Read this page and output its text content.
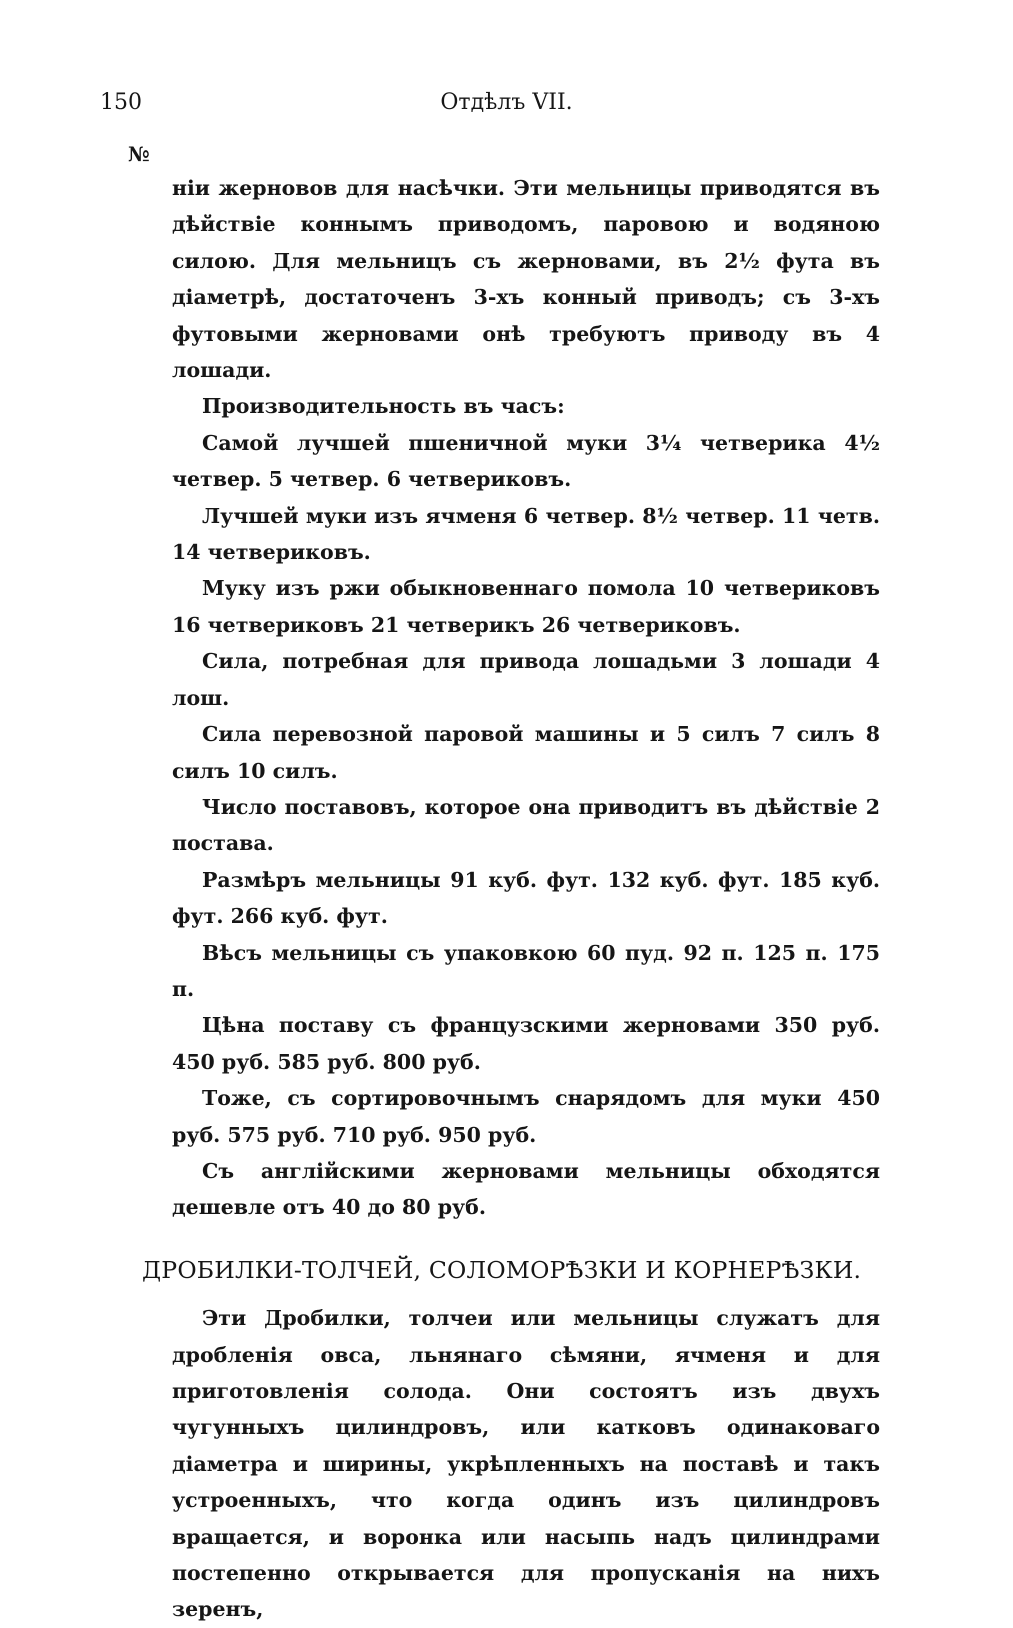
150	Отдѣлъ VII.
№

ніи жерновов для насѣчки. Эти мельницы приводятся въ дѣйствіе коннымъ приводомъ, паровою и водяною силою. Для мельницъ съ жерновами, въ 2½ фута въ діаметрѣ, достаточенъ 3-хъ конный приводъ; съ 3-хъ футовыми жерновами онѣ требуютъ приводу въ 4 лошади.

Производительность въ часъ:

Самой лучшей пшеничной муки 3¼ четверика 4½ четвер. 5 четвер. 6 четвериковъ.

Лучшей муки изъ ячменя 6 четвер. 8½ четвер. 11 четв. 14 четвериковъ.

Муку изъ ржи обыкновеннаго помола 10 четвериковъ 16 четвериковъ 21 четверикъ 26 четвериковъ.

Сила, потребная для привода лошадьми 3 лошади 4 лош.

Сила перевозной паровой машины и 5 силъ 7 силъ 8 силъ 10 силъ.

Число поставовъ, которое она приводитъ въ дѣйствіе 2 постава.

Размѣръ мельницы 91 куб. фут. 132 куб. фут. 185 куб. фут. 266 куб. фут.

Вѣсъ мельницы съ упаковкою 60 пуд. 92 п. 125 п. 175 п.

Цѣна поставу съ французскими жерновами 350 руб. 450 руб. 585 руб. 800 руб.

Тоже, съ сортировочнымъ снарядомъ для муки 450 руб. 575 руб. 710 руб. 950 руб.

Съ англійскими жерновами мельницы обходятся дешевле отъ 40 до 80 руб.

ДРОБИЛКИ-ТОЛЧЕЙ, СОЛОМОРѢЗКИ И КОРНЕРѢЗКИ.

Эти Дробилки, толчеи или мельницы служатъ для дробленія овса, льнянаго сѣмяни, ячменя и для приготовленія солода. Они состоятъ изъ двухъ чугунныхъ цилиндровъ, или катковъ одинаковаго діаметра и ширины, укрѣпленныхъ на поставѣ и такъ устроенныхъ, что когда одинъ изъ цилиндровъ вращается, и воронка или насыпь надъ цилиндрами постепенно открывается для пропусканія на нихъ зеренъ,
